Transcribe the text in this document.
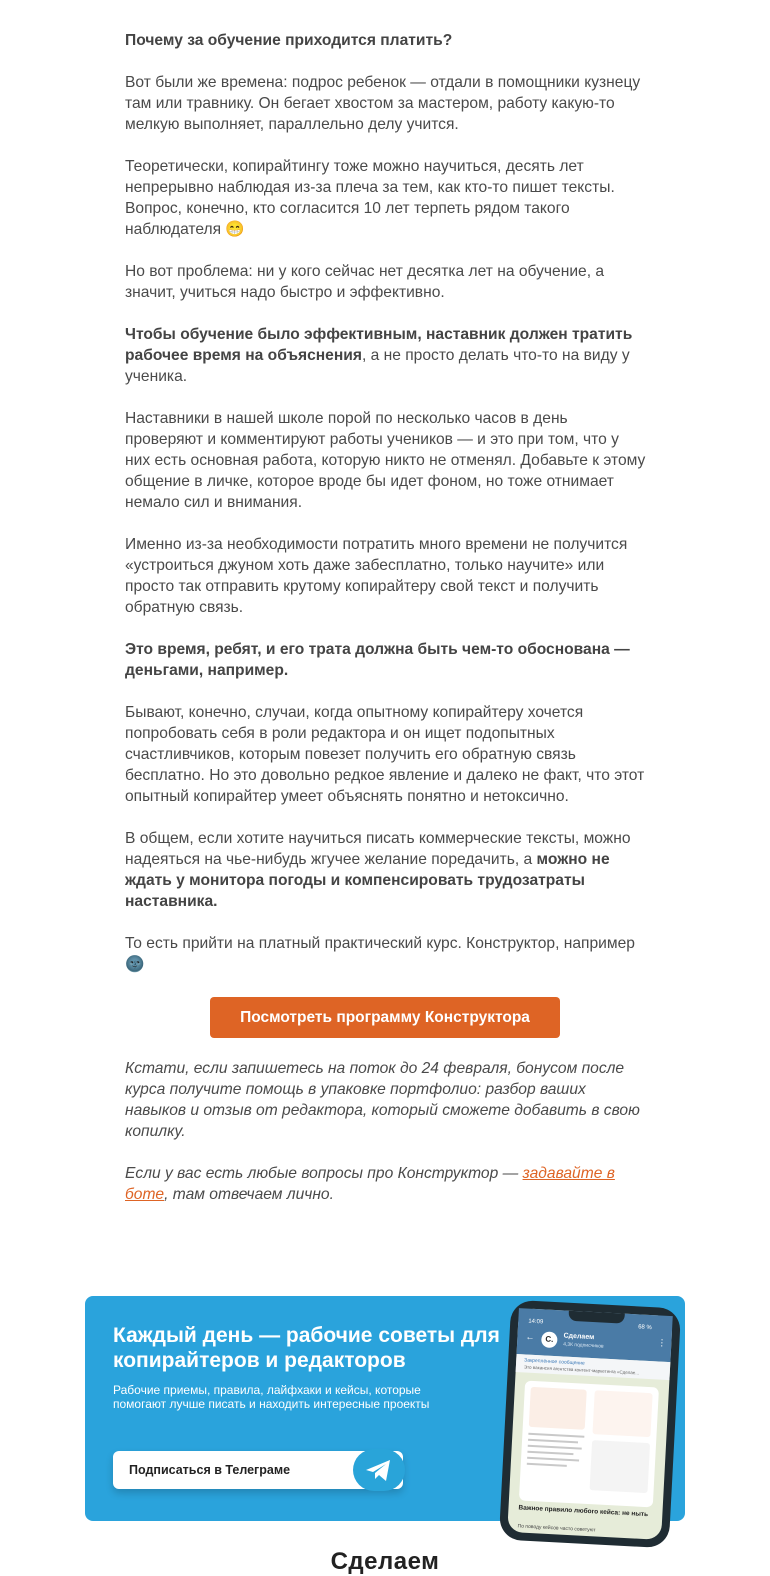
Почему за обучение приходится платить?

Вот были же времена: подрос ребенок — отдали в помощники кузнецу там или травнику. Он бегает хвостом за мастером, работу какую-то мелкую выполняет, параллельно делу учится.

Теоретически, копирайтингу тоже можно научиться, десять лет непрерывно наблюдая из-за плеча за тем, как кто-то пишет тексты. Вопрос, конечно, кто согласится 10 лет терпеть рядом такого наблюдателя 😁

Но вот проблема: ни у кого сейчас нет десятка лет на обучение, а значит, учиться надо быстро и эффективно.

Чтобы обучение было эффективным, наставник должен тратить рабочее время на объяснения, а не просто делать что-то на виду у ученика.

Наставники в нашей школе порой по несколько часов в день проверяют и комментируют работы учеников — и это при том, что у них есть основная работа, которую никто не отменял. Добавьте к этому общение в личке, которое вроде бы идет фоном, но тоже отнимает немало сил и внимания.

Именно из-за необходимости потратить много времени не получится «устроиться джуном хоть даже забесплатно, только научите» или просто так отправить крутому копирайтеру свой текст и получить обратную связь.

Это время, ребят, и его трата должна быть чем-то обоснована — деньгами, например.

Бывают, конечно, случаи, когда опытному копирайтеру хочется попробовать себя в роли редактора и он ищет подопытных счастливчиков, которым повезет получить его обратную связь бесплатно. Но это довольно редкое явление и далеко не факт, что этот опытный копирайтер умеет объяснять понятно и нетоксично.

В общем, если хотите научиться писать коммерческие тексты, можно надеяться на чье-нибудь жгучее желание поредачить, а можно не ждать у монитора погоды и компенсировать трудозатраты наставника.

То есть прийти на платный практический курс. Конструктор, например 🌚

Посмотреть программу Конструктора

Кстати, если запишетесь на поток до 24 февраля, бонусом после курса получите помощь в упаковке портфолио: разбор ваших навыков и отзыв от редактора, который сможете добавить в свою копилку.

Если у вас есть любые вопросы про Конструктор — задавайте в боте, там отвечаем лично.

Каждый день — рабочие советы для копирайтеров и редакторов
Рабочие приемы, правила, лайфхаки и кейсы, которые помогают лучше писать и находить интересные проекты
Подписаться в Телеграме
14:09
68 %
←	С.	Сделаем
4,3К подписчиков	⋮
Закреплённое сообщение
Это вакансия агентства контент-маркетинга «Сделае...
Важное правило любого кейса: не ныть
По поводу кейсов часто советуют
Сделаем
